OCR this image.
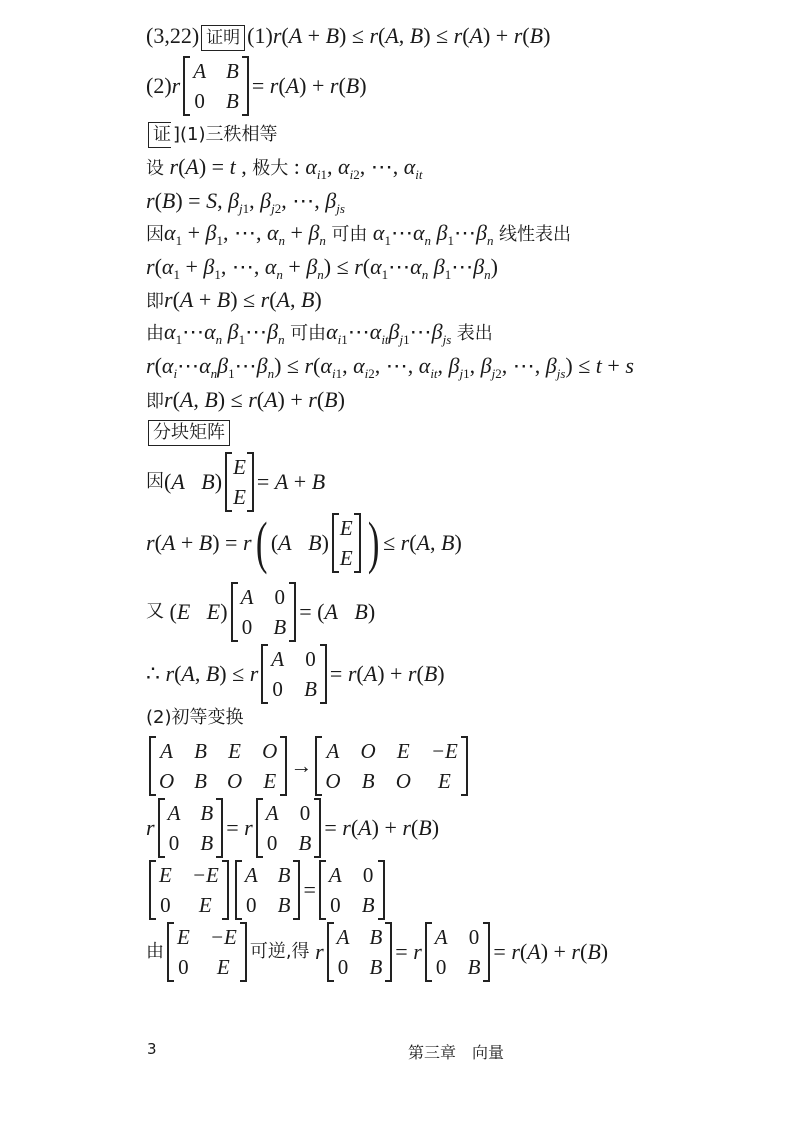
(3,22) 证明 (1)r(A + B) ≤ r(A, B) ≤ r(A) + r(B)
(2)r
A B
0 B
= r(A) + r(B)
证 ](1)三秩相等
设 r(A) = t , 极大 : $\alpha_{i1}$, $\alpha_{i2}$, ⋯, $\alpha_{it}$
r(B) = S, $\beta_{j1}$, $\beta_{j2}$, ⋯, $\beta_{js}$
因$\alpha_1 + \beta_1$, ⋯, $\alpha_n + \beta_n$ 可由 $\alpha_1\cdots\alpha_n$ $\beta_1\cdots\beta_n$ 线性表出
$r(\alpha_1 + \beta_1$, ⋯, $\alpha_n + \beta_n$) ≤ $r(\alpha_1\cdots\alpha_n$ $\beta_1\cdots\beta_n$)
即r(A + B) ≤ r(A, B)
由$\alpha_1\cdots\alpha_n$ $\beta_1\cdots\beta_n$ 可由$\alpha_{i1}\cdots\alpha_{it}\beta_{j1}\cdots\beta_{js}$ 表出
$r(\alpha_i\cdots\alpha_n\beta_1\cdots\beta_n) \le r(\alpha_{i1}$, $\alpha_{i2}$, ⋯, $\alpha_{it}$, $\beta_{j1}$, $\beta_{j2}$, ⋯, $\beta_{js}) \le t + s$
即r(A, B) ≤ r(A) + r(B)
分块矩阵
因(A B)
E
E
= A + B
r(A + B) = r( (A B)
E
E ) ≤ r(A, B)
又 (E E)
A 0
0 B
= (A B)
∴ r(A, B) ≤ r
A 0
0 B
= r(A) + r(B)
(2)初等变换
A B E O
O B O E
→
A O E −E
O B O	E
r
A B
0 B
= r
A 0
0 B
= r(A) + r(B)
E −E
0	E
A B
0 B
=
A 0
0 B
由
E −E
0	E
可逆,得 r
A B
0 B
= r
A 0
0 B
= r(A) + r(B)
3	第三章　向量
